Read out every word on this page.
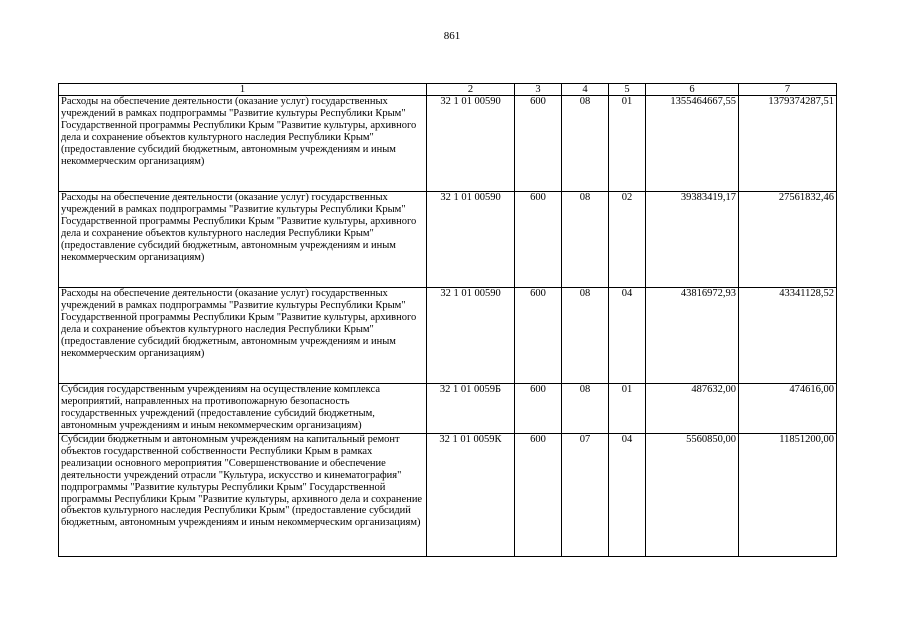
861
1	2	3	4	5	6	7
Расходы на обеспечение деятельности (оказание услуг) государственных учреждений в рамках подпрограммы "Развитие культуры Республики Крым" Государственной программы Республики Крым "Развитие культуры, архивного дела и сохранение объектов культурного наследия Республики Крым" (предоставление субсидий бюджетным, автономным учреждениям и иным некоммерческим организациям)	32 1 01 00590	600	08	01	1355464667,55	1379374287,51
Расходы на обеспечение деятельности (оказание услуг) государственных учреждений в рамках подпрограммы "Развитие культуры Республики Крым" Государственной программы Республики Крым "Развитие культуры, архивного дела и сохранение объектов культурного наследия Республики Крым" (предоставление субсидий бюджетным, автономным учреждениям и иным некоммерческим организациям)	32 1 01 00590	600	08	02	39383419,17	27561832,46
Расходы на обеспечение деятельности (оказание услуг) государственных учреждений в рамках подпрограммы "Развитие культуры Республики Крым" Государственной программы Республики Крым "Развитие культуры, архивного дела и сохранение объектов культурного наследия Республики Крым" (предоставление субсидий бюджетным, автономным учреждениям и иным некоммерческим организациям)	32 1 01 00590	600	08	04	43816972,93	43341128,52
Субсидия государственным учреждениям на осуществление комплекса мероприятий, направленных на противопожарную безопасность государственных учреждений (предоставление субсидий бюджетным, автономным учреждениям и иным некоммерческим организациям)	32 1 01 0059Б	600	08	01	487632,00	474616,00
Субсидии бюджетным и автономным учреждениям на капитальный ремонт объектов государственной собственности Республики Крым в рамках реализации основного мероприятия "Совершенствование и обеспечение деятельности учреждений отрасли "Культура, искусство и кинематография" подпрограммы "Развитие культуры Республики Крым" Государственной программы Республики Крым "Развитие культуры, архивного дела и сохранение объектов культурного наследия Республики Крым" (предоставление субсидий бюджетным, автономным учреждениям и иным некоммерческим организациям)	32 1 01 0059К	600	07	04	5560850,00	11851200,00
